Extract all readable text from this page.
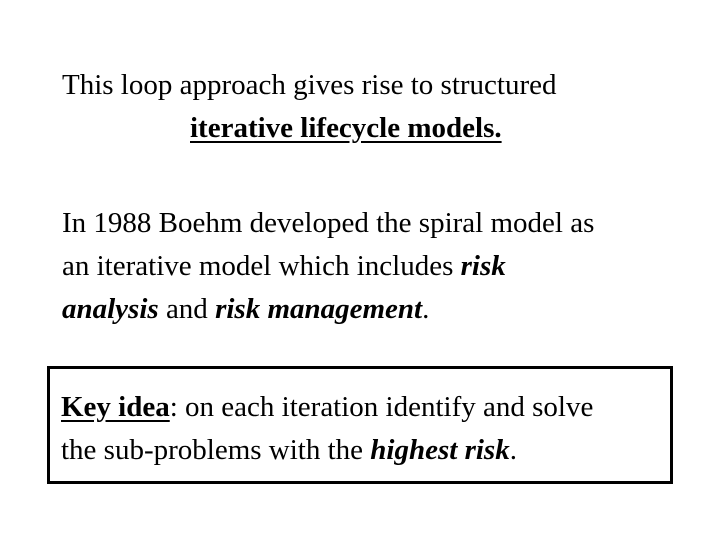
This loop approach gives rise to structured
iterative lifecycle models.
In 1988 Boehm developed the spiral model as
an iterative model which includes risk
analysis and risk management.
Key idea: on each iteration identify and solve
the sub-problems with the highest risk.
